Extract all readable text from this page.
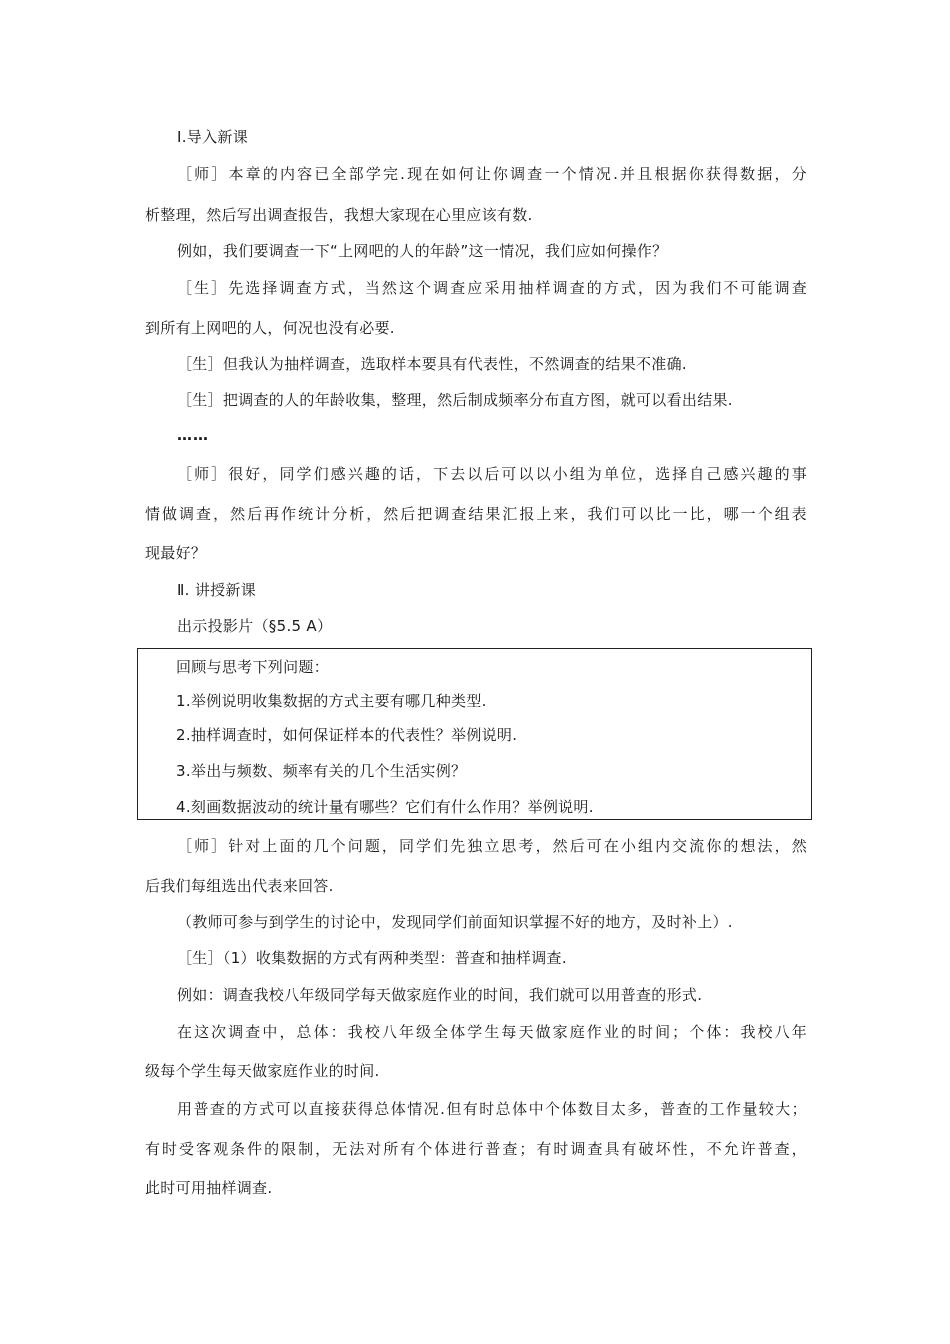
Ⅰ.导入新课
［师］本章的内容已全部学完.现在如何让你调查一个情况.并且根据你获得数据，分
析整理，然后写出调查报告，我想大家现在心里应该有数.
例如，我们要调查一下“上网吧的人的年龄”这一情况，我们应如何操作？
［生］先选择调查方式，当然这个调查应采用抽样调查的方式，因为我们不可能调查
到所有上网吧的人，何况也没有必要.
［生］但我认为抽样调查，选取样本要具有代表性，不然调查的结果不准确.
［生］把调查的人的年龄收集，整理，然后制成频率分布直方图，就可以看出结果.
……
［师］很好，同学们感兴趣的话，下去以后可以以小组为单位，选择自己感兴趣的事
情做调查，然后再作统计分析，然后把调查结果汇报上来，我们可以比一比，哪一个组表
现最好？
Ⅱ. 讲授新课
出示投影片（§5.5 A）
回顾与思考下列问题：
1.举例说明收集数据的方式主要有哪几种类型.
2.抽样调查时，如何保证样本的代表性？举例说明.
3.举出与频数、频率有关的几个生活实例？
4.刻画数据波动的统计量有哪些？它们有什么作用？举例说明.
［师］针对上面的几个问题，同学们先独立思考，然后可在小组内交流你的想法，然
后我们每组选出代表来回答.
（教师可参与到学生的讨论中，发现同学们前面知识掌握不好的地方，及时补上）.
［生］（1）收集数据的方式有两种类型：普查和抽样调查.
例如：调查我校八年级同学每天做家庭作业的时间，我们就可以用普查的形式.
在这次调查中，总体：我校八年级全体学生每天做家庭作业的时间；个体：我校八年
级每个学生每天做家庭作业的时间.
用普查的方式可以直接获得总体情况.但有时总体中个体数目太多，普查的工作量较大；
有时受客观条件的限制，无法对所有个体进行普查；有时调查具有破坏性，不允许普查，
此时可用抽样调查.
